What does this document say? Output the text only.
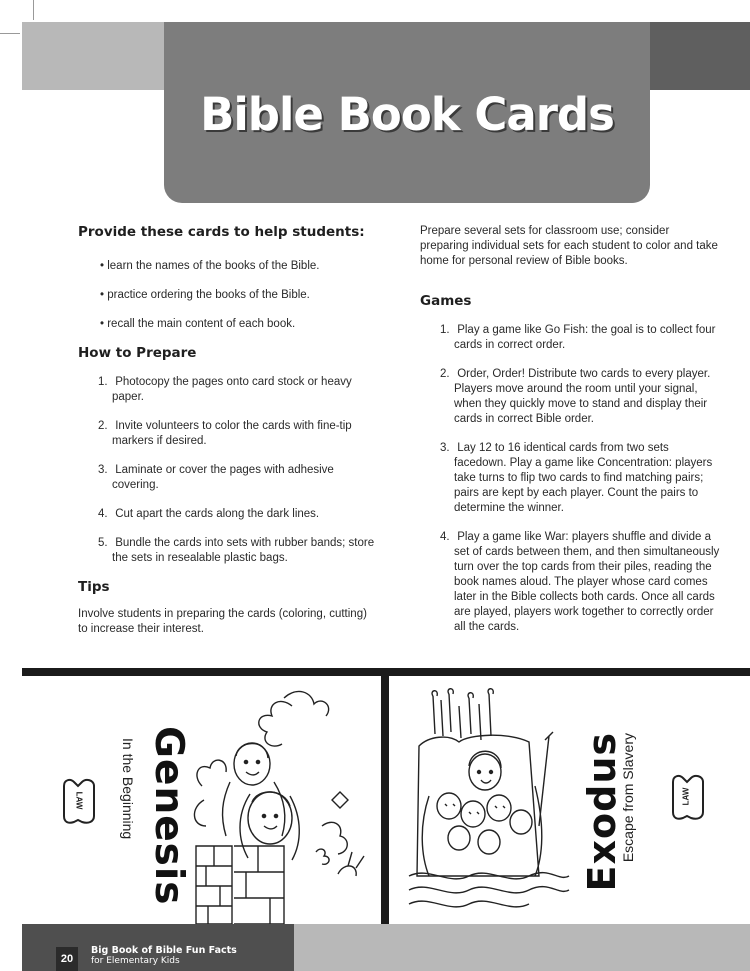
Bible Book Cards
Provide these cards to help students:
• learn the names of the books of the Bible.
• practice ordering the books of the Bible.
• recall the main content of each book.
How to Prepare
1. Photocopy the pages onto card stock or heavy paper.
2. Invite volunteers to color the cards with fine-tip markers if desired.
3. Laminate or cover the pages with adhesive covering.
4. Cut apart the cards along the dark lines.
5. Bundle the cards into sets with rubber bands; store the sets in resealable plastic bags.
Tips

Involve students in preparing the cards (coloring, cutting) to increase their interest.

Prepare several sets for classroom use; consider preparing individual sets for each student to color and take home for personal review of Bible books.

Games
1. Play a game like Go Fish: the goal is to collect four cards in correct order.
2. Order, Order! Distribute two cards to every player. Players move around the room until your signal, when they quickly move to stand and display their cards in correct Bible order.
3. Lay 12 to 16 identical cards from two sets facedown. Play a game like Concentration: players take turns to flip two cards to find matching pairs; pairs are kept by each player. Count the pairs to determine the winner.
4. Play a game like War: players shuffle and divide a set of cards between them, and then simultaneously turn over the top cards from their piles, reading the book names aloud. The player whose card comes later in the Bible collects both cards. Once all cards are played, players work together to correctly order all the cards.
LAW Genesis
In the Beginning	LAW
Exodus
Escape from Slavery
20
Big Book of Bible Fun Facts
for Elementary Kids
